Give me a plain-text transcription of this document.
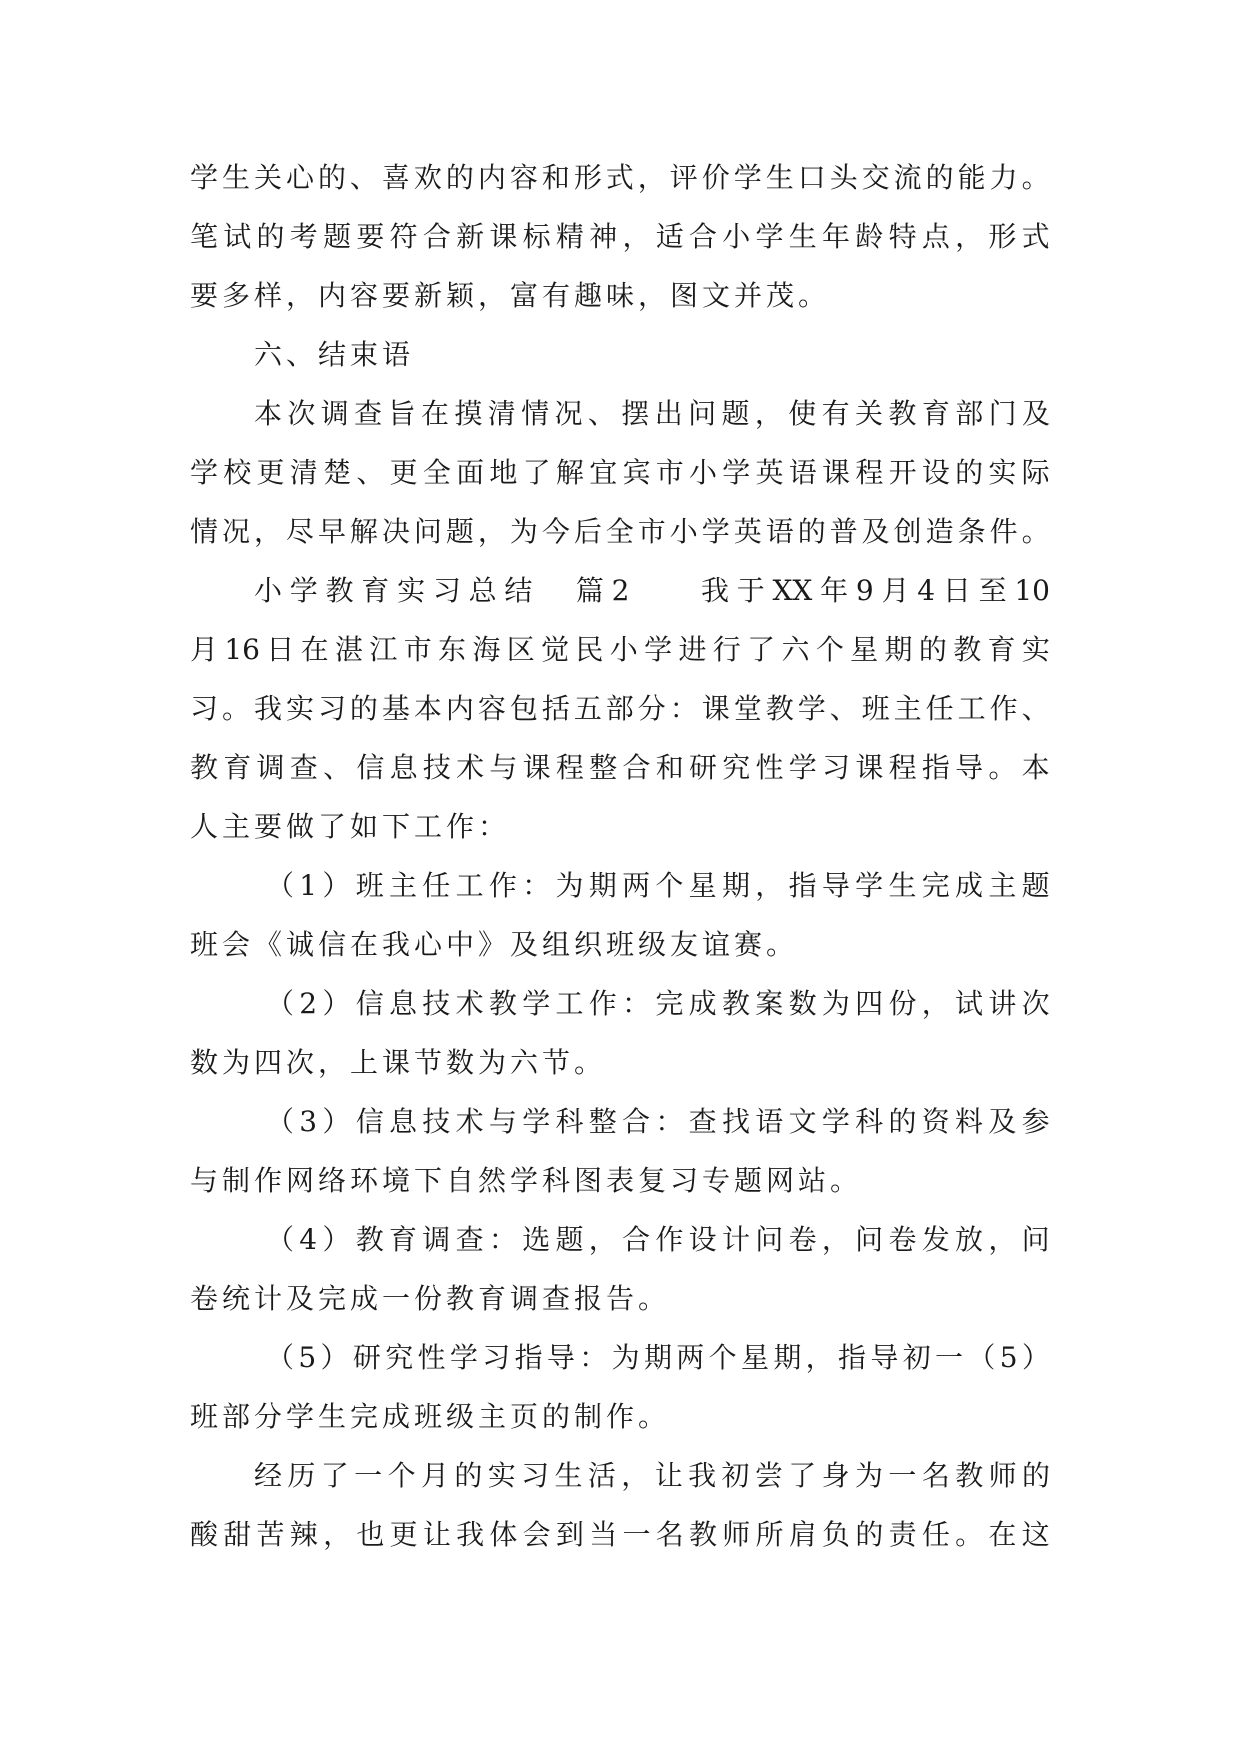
学 生 关 心 的 、 喜 欢 的 内 容 和 形 式 ， 评 价 学 生 口 头 交 流 的 能 力 。
笔 试 的 考 题 要 符 合 新 课 标 精 神 ， 适 合 小 学 生 年 龄 特 点 ， 形 式
要多样，内容要新颖，富有趣味，图文并茂。
六、结束语
本 次 调 查 旨 在 摸 清 情 况 、 摆 出 问 题 ， 使 有 关 教 育 部 门 及
学 校 更 清 楚 、 更 全 面 地 了 解 宜 宾 市 小 学 英 语 课 程 开 设 的 实 际
情 况 ， 尽 早 解 决 问 题 ， 为 今 后 全 市 小 学 英 语 的 普 及 创 造 条 件 。
小 学 教 育 实 习 总 结 篇 2	我 于 XX 年 9 月 4 日 至 10
月 16 日 在 湛 江 市 东 海 区 觉 民 小 学 进 行 了 六 个 星 期 的 教 育 实
习 。 我 实 习 的 基 本 内 容 包 括 五 部 分 ： 课 堂 教 学 、 班 主 任 工 作 、
教 育 调 查 、 信 息 技 术 与 课 程 整 合 和 研 究 性 学 习 课 程 指 导 。 本
人主要做了如下工作：
（ 1 ） 班 主 任 工 作 ： 为 期 两 个 星 期 ， 指 导 学 生 完 成 主 题
班会《诚信在我心中》及组织班级友谊赛。
（ 2 ） 信 息 技 术 教 学 工 作 ： 完 成 教 案 数 为 四 份 ， 试 讲 次
数为四次，上课节数为六节。
（ 3 ） 信 息 技 术 与 学 科 整 合 ： 查 找 语 文 学 科 的 资 料 及 参
与制作网络环境下自然学科图表复习专题网站。
（ 4 ） 教 育 调 查 ： 选 题 ， 合 作 设 计 问 卷 ， 问 卷 发 放 ， 问
卷统计及完成一份教育调查报告。
（ 5 ） 研 究 性 学 习 指 导 ： 为 期 两 个 星 期 ， 指 导 初 一 （ 5 ）
班部分学生完成班级主页的制作。
经 历 了 一 个 月 的 实 习 生 活 ， 让 我 初 尝 了 身 为 一 名 教 师 的
酸 甜 苦 辣 ， 也 更 让 我 体 会 到 当 一 名 教 师 所 肩 负 的 责 任 。 在 这
